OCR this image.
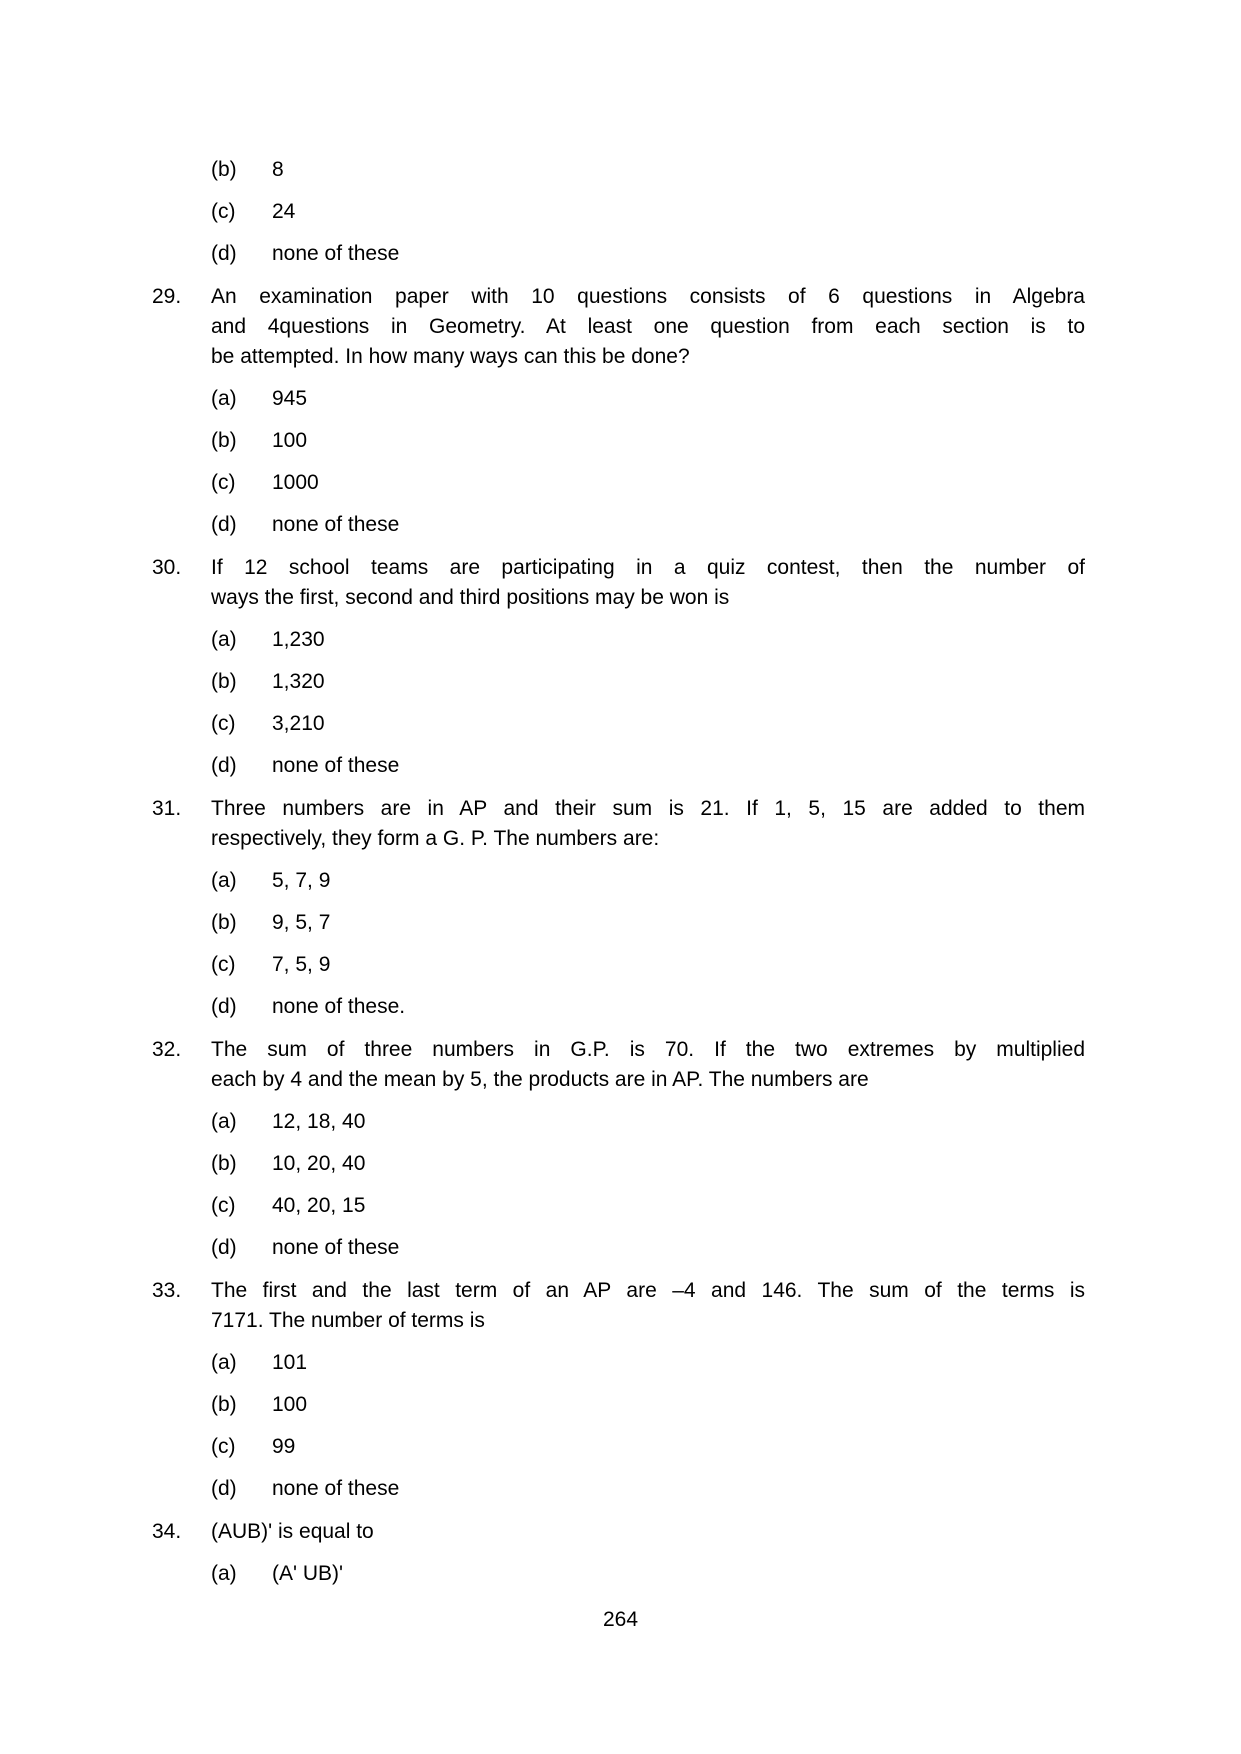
(b)	8
(c)	24
(d)	none of these
29.	An examination paper with 10 questions consists of 6 questions in Algebra
and 4questions in Geometry. At least one question from each section is to
be attempted. In how many ways can this be done?
(a)	945
(b)	100
(c)	1000
(d)	none of these
30.	If 12 school teams are participating in a quiz contest, then the number of
ways the first, second and third positions may be won is
(a)	1,230
(b)	1,320
(c)	3,210
(d)	none of these
31.	Three numbers are in AP and their sum is 21. If 1, 5, 15 are added to them
respectively, they form a G. P. The numbers are:
(a)	5, 7, 9
(b)	9, 5, 7
(c)	7, 5, 9
(d)	none of these.
32.	The sum of three numbers in G.P. is 70. If the two extremes by multiplied
each by 4 and the mean by 5, the products are in AP. The numbers are
(a)	12, 18, 40
(b)	10, 20, 40
(c)	40, 20, 15
(d)	none of these
33.	The first and the last term of an AP are –4 and 146. The sum of the terms is
7171. The number of terms is
(a)	101
(b)	100
(c)	99
(d)	none of these
34.	(AUB)' is equal to
(a)	(A' UB)'
264
